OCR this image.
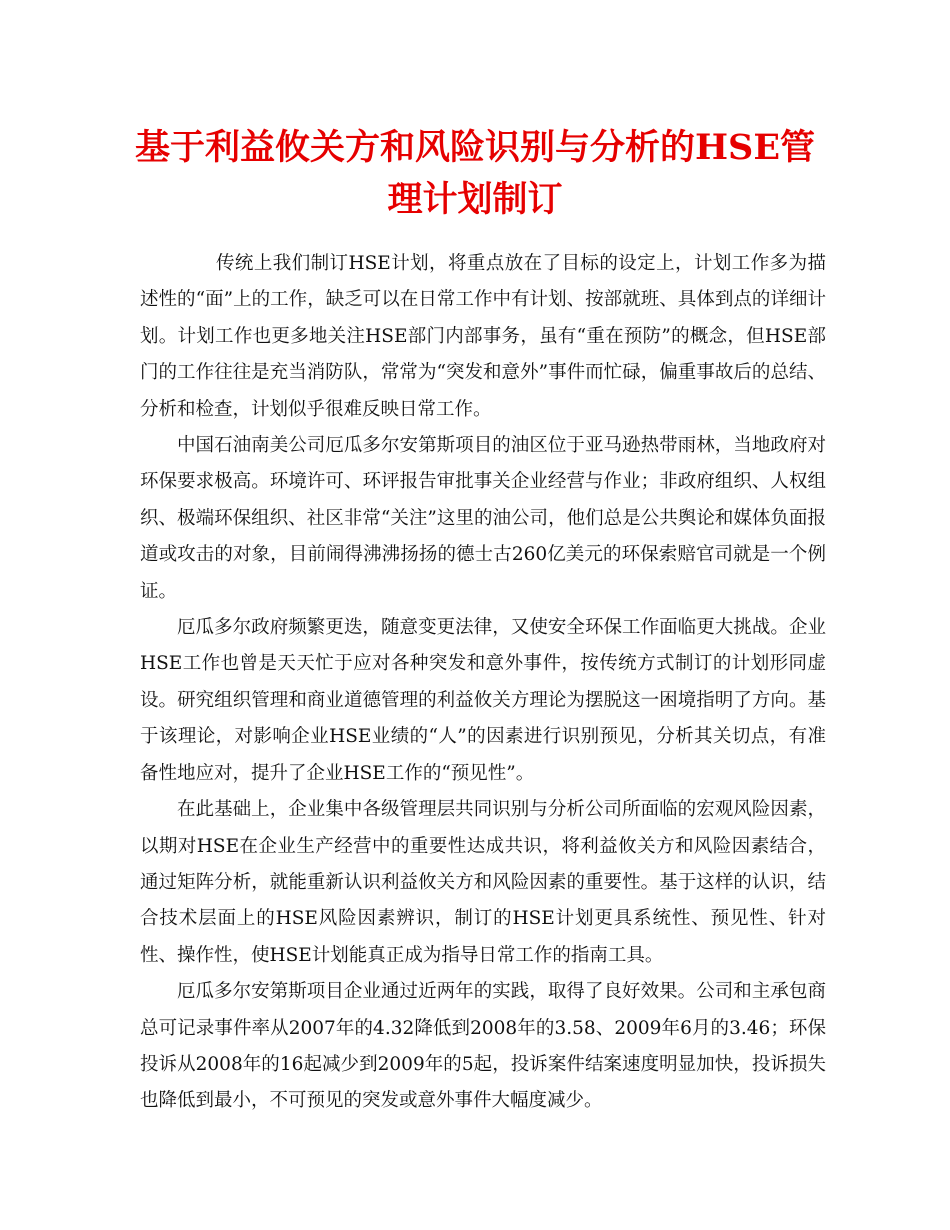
基于利益攸关方和风险识别与分析的HSE管
理计划制订

传统上我们制订HSE计划，将重点放在了目标的设定上，计划工作多为描述性的“面”上的工作，缺乏可以在日常工作中有计划、按部就班、具体到点的详细计划。计划工作也更多地关注HSE部门内部事务，虽有“重在预防”的概念，但HSE部门的工作往往是充当消防队，常常为“突发和意外”事件而忙碌，偏重事故后的总结、分析和检查，计划似乎很难反映日常工作。

中国石油南美公司厄瓜多尔安第斯项目的油区位于亚马逊热带雨林，当地政府对环保要求极高。环境许可、环评报告审批事关企业经营与作业；非政府组织、人权组织、极端环保组织、社区非常“关注”这里的油公司，他们总是公共舆论和媒体负面报道或攻击的对象，目前闹得沸沸扬扬的德士古260亿美元的环保索赔官司就是一个例证。

厄瓜多尔政府频繁更迭，随意变更法律，又使安全环保工作面临更大挑战。企业HSE工作也曾是天天忙于应对各种突发和意外事件，按传统方式制订的计划形同虚设。研究组织管理和商业道德管理的利益攸关方理论为摆脱这一困境指明了方向。基于该理论，对影响企业HSE业绩的“人”的因素进行识别预见，分析其关切点，有准备性地应对，提升了企业HSE工作的“预见性”。

在此基础上，企业集中各级管理层共同识别与分析公司所面临的宏观风险因素，以期对HSE在企业生产经营中的重要性达成共识，将利益攸关方和风险因素结合，通过矩阵分析，就能重新认识利益攸关方和风险因素的重要性。基于这样的认识，结合技术层面上的HSE风险因素辨识，制订的HSE计划更具系统性、预见性、针对性、操作性，使HSE计划能真正成为指导日常工作的指南工具。

厄瓜多尔安第斯项目企业通过近两年的实践，取得了良好效果。公司和主承包商总可记录事件率从2007年的4.32降低到2008年的3.58、2009年6月的3.46；环保投诉从2008年的16起减少到2009年的5起，投诉案件结案速度明显加快，投诉损失也降低到最小，不可预见的突发或意外事件大幅度减少。
